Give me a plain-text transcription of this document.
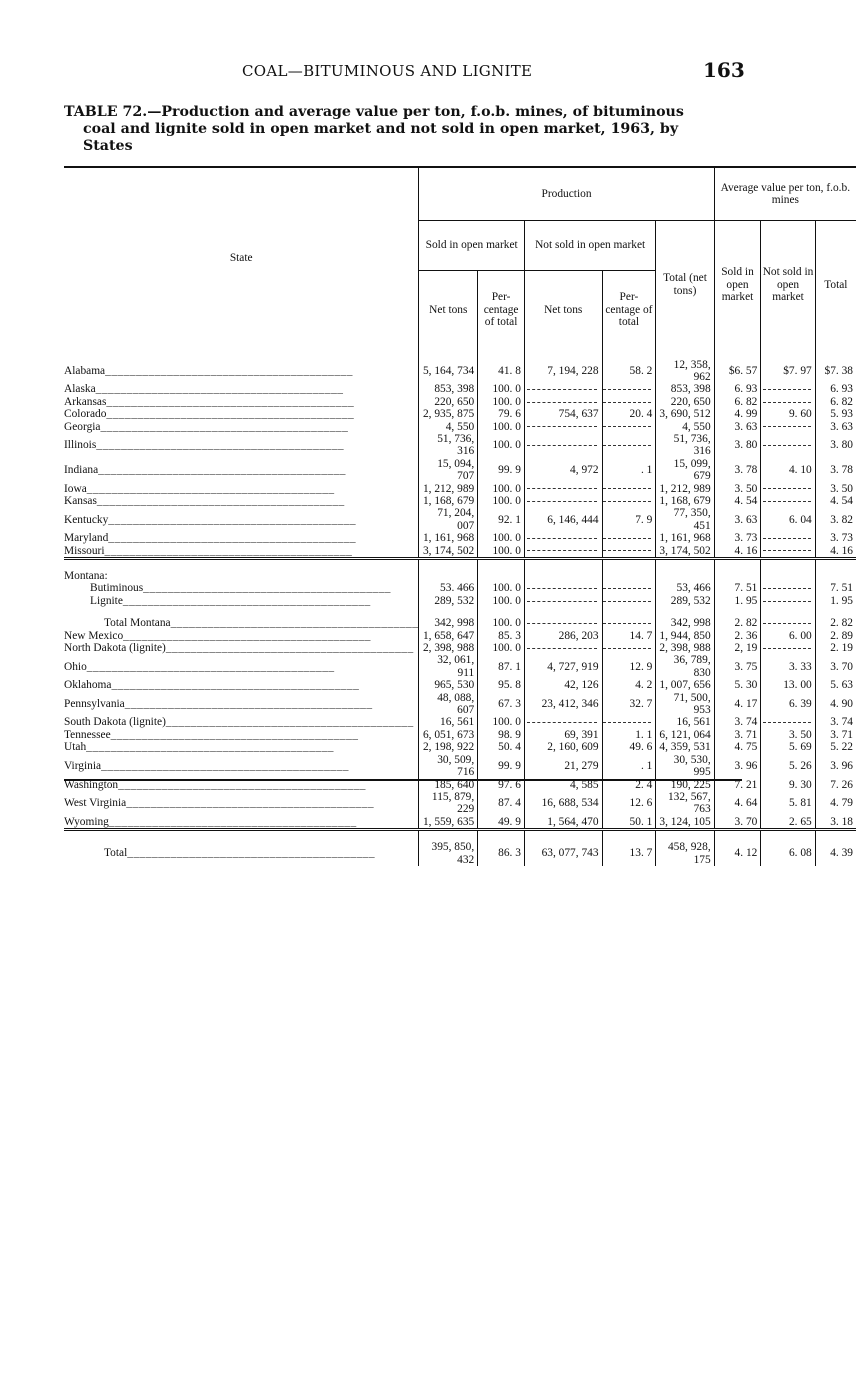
COAL—BITUMINOUS AND LIGNITE	163
TABLE 72.—Production and average value per ton, f.o.b. mines, of bituminous
coal and lignite sold in open market and not sold in open market, 1963, by
States
State	Production					Average value per ton, f.o.b. mines		
	Sold in open market		Not sold in open market		Total (net tons)	Sold in open market	Not sold in open market	Total
	Net tons	Per-centage of total	Net tons	Per-centage of total				

Alabama________________________________________	5, 164, 734	41. 8	7, 194, 228	58. 2	12, 358, 962	$6. 57	$7. 97	$7. 38
Alaska________________________________________	853, 398	100. 0			853, 398	6. 93		6. 93
Arkansas________________________________________	220, 650	100. 0			220, 650	6. 82		6. 82
Colorado________________________________________	2, 935, 875	79. 6	754, 637	20. 4	3, 690, 512	4. 99	9. 60	5. 93
Georgia________________________________________	4, 550	100. 0			4, 550	3. 63		3. 63
Illinois________________________________________	51, 736, 316	100. 0			51, 736, 316	3. 80		3. 80
Indiana________________________________________	15, 094, 707	99. 9	4, 972	. 1	15, 099, 679	3. 78	4. 10	3. 78
Iowa________________________________________	1, 212, 989	100. 0			1, 212, 989	3. 50		3. 50
Kansas________________________________________	1, 168, 679	100. 0			1, 168, 679	4. 54		4. 54
Kentucky________________________________________	71, 204, 007	92. 1	6, 146, 444	7. 9	77, 350, 451	3. 63	6. 04	3. 82
Maryland________________________________________	1, 161, 968	100. 0			1, 161, 968	3. 73		3. 73
Missouri________________________________________	3, 174, 502	100. 0			3, 174, 502	4. 16		4. 16

Montana:								
Butiminous________________________________________	53. 466	100. 0			53, 466	7. 51		7. 51
Lignite________________________________________	289, 532	100. 0			289, 532	1. 95		1. 95

Total Montana________________________________________	342, 998	100. 0			342, 998	2. 82		2. 82
New Mexico________________________________________	1, 658, 647	85. 3	286, 203	14. 7	1, 944, 850	2. 36	6. 00	2. 89
North Dakota (lignite)________________________________________	2, 398, 988	100. 0			2, 398, 988	2, 19		2. 19
Ohio________________________________________	32, 061, 911	87. 1	4, 727, 919	12. 9	36, 789, 830	3. 75	3. 33	3. 70
Oklahoma________________________________________	965, 530	95. 8	42, 126	4. 2	1, 007, 656	5. 30	13. 00	5. 63
Pennsylvania________________________________________	48, 088, 607	67. 3	23, 412, 346	32. 7	71, 500, 953	4. 17	6. 39	4. 90
South Dakota (lignite)________________________________________	16, 561	100. 0			16, 561	3. 74		3. 74
Tennessee________________________________________	6, 051, 673	98. 9	69, 391	1. 1	6, 121, 064	3. 71	3. 50	3. 71
Utah________________________________________	2, 198, 922	50. 4	2, 160, 609	49. 6	4, 359, 531	4. 75	5. 69	5. 22
Virginia________________________________________	30, 509, 716	99. 9	21, 279	. 1	30, 530, 995	3. 96	5. 26	3. 96
Washington________________________________________	185, 640	97. 6	4, 585	2. 4	190, 225	7. 21	9. 30	7. 26
West Virginia________________________________________	115, 879, 229	87. 4	16, 688, 534	12. 6	132, 567, 763	4. 64	5. 81	4. 79
Wyoming________________________________________	1, 559, 635	49. 9	1, 564, 470	50. 1	3, 124, 105	3. 70	2. 65	3. 18

Total________________________________________	395, 850, 432	86. 3	63, 077, 743	13. 7	458, 928, 175	4. 12	6. 08	4. 39
